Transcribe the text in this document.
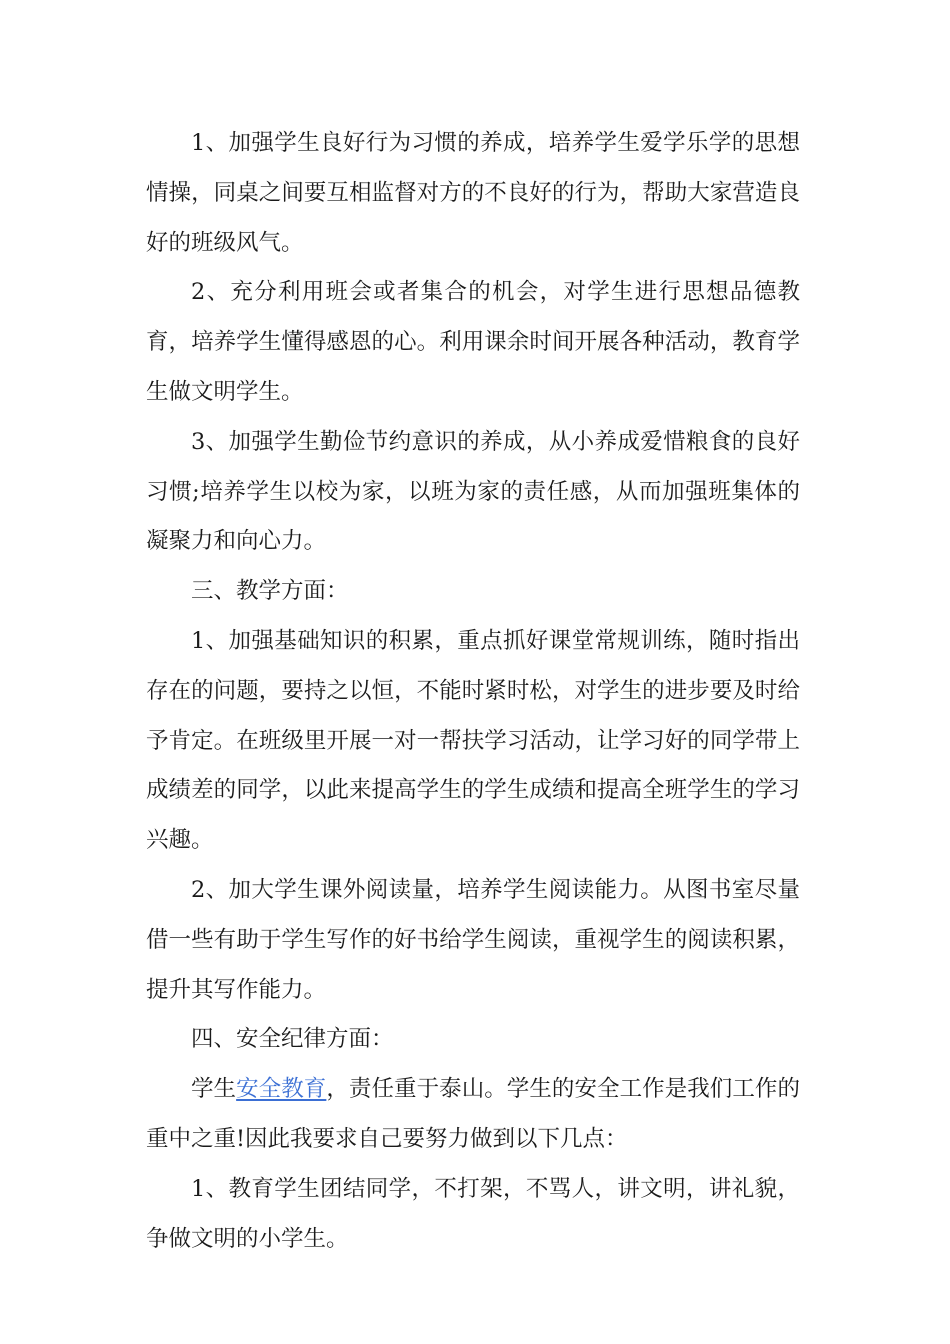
1、加强学生良好行为习惯的养成，培养学生爱学乐学的思想情操，同桌之间要互相监督对方的不良好的行为，帮助大家营造良好的班级风气。

2、充分利用班会或者集合的机会，对学生进行思想品德教育，培养学生懂得感恩的心。利用课余时间开展各种活动，教育学生做文明学生。

3、加强学生勤俭节约意识的养成，从小养成爱惜粮食的良好习惯;培养学生以校为家，以班为家的责任感，从而加强班集体的凝聚力和向心力。

三、教学方面：

1、加强基础知识的积累，重点抓好课堂常规训练，随时指出存在的问题，要持之以恒，不能时紧时松，对学生的进步要及时给予肯定。在班级里开展一对一帮扶学习活动，让学习好的同学带上成绩差的同学，以此来提高学生的学生成绩和提高全班学生的学习兴趣。

2、加大学生课外阅读量，培养学生阅读能力。从图书室尽量借一些有助于学生写作的好书给学生阅读，重视学生的阅读积累，提升其写作能力。

四、安全纪律方面：

学生安全教育，责任重于泰山。学生的安全工作是我们工作的重中之重!因此我要求自己要努力做到以下几点：

1、教育学生团结同学，不打架，不骂人，讲文明，讲礼貌，争做文明的小学生。
